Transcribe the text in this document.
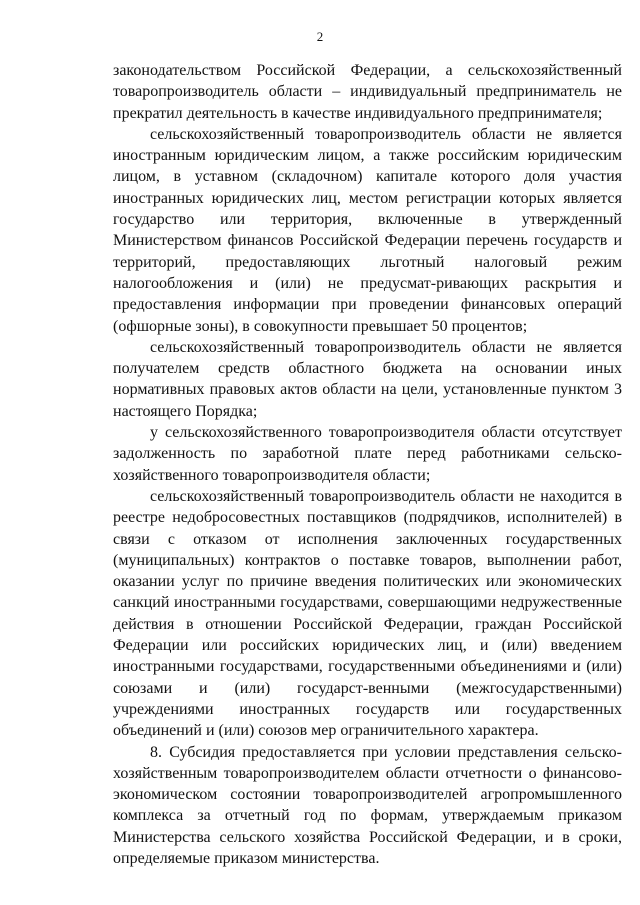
2

законодательством Российской Федерации, а сельскохозяйственный товаропроизводитель области – индивидуальный предприниматель не прекратил деятельность в качестве индивидуального предпринимателя;

сельскохозяйственный товаропроизводитель области не является иностранным юридическим лицом, а также российским юридическим лицом, в уставном (складочном) капитале которого доля участия иностранных юридических лиц, местом регистрации которых является государство или территория, включенные в утвержденный Министерством финансов Российской Федерации перечень государств и территорий, предоставляющих льготный налоговый режим налогообложения и (или) не предусмат-ривающих раскрытия и предоставления информации при проведении финансовых операций (офшорные зоны), в совокупности превышает 50 процентов;

сельскохозяйственный товаропроизводитель области не является получателем средств областного бюджета на основании иных нормативных правовых актов области на цели, установленные пунктом 3 настоящего Порядка;

у сельскохозяйственного товаропроизводителя области отсутствует задолженность по заработной плате перед работниками сельско-хозяйственного товаропроизводителя области;

сельскохозяйственный товаропроизводитель области не находится в реестре недобросовестных поставщиков (подрядчиков, исполнителей) в связи с отказом от исполнения заключенных государственных (муниципальных) контрактов о поставке товаров, выполнении работ, оказании услуг по причине введения политических или экономических санкций иностранными государствами, совершающими недружественные действия в отношении Российской Федерации, граждан Российской Федерации или российских юридических лиц, и (или) введением иностранными государствами, государственными объединениями и (или) союзами и (или) государст-венными (межгосударственными) учреждениями иностранных государств или государственных объединений и (или) союзов мер ограничительного характера.

8. Субсидия предоставляется при условии представления сельско-хозяйственным товаропроизводителем области отчетности о финансово-экономическом состоянии товаропроизводителей агропромышленного комплекса за отчетный год по формам, утверждаемым приказом Министерства сельского хозяйства Российской Федерации, и в сроки, определяемые приказом министерства.
